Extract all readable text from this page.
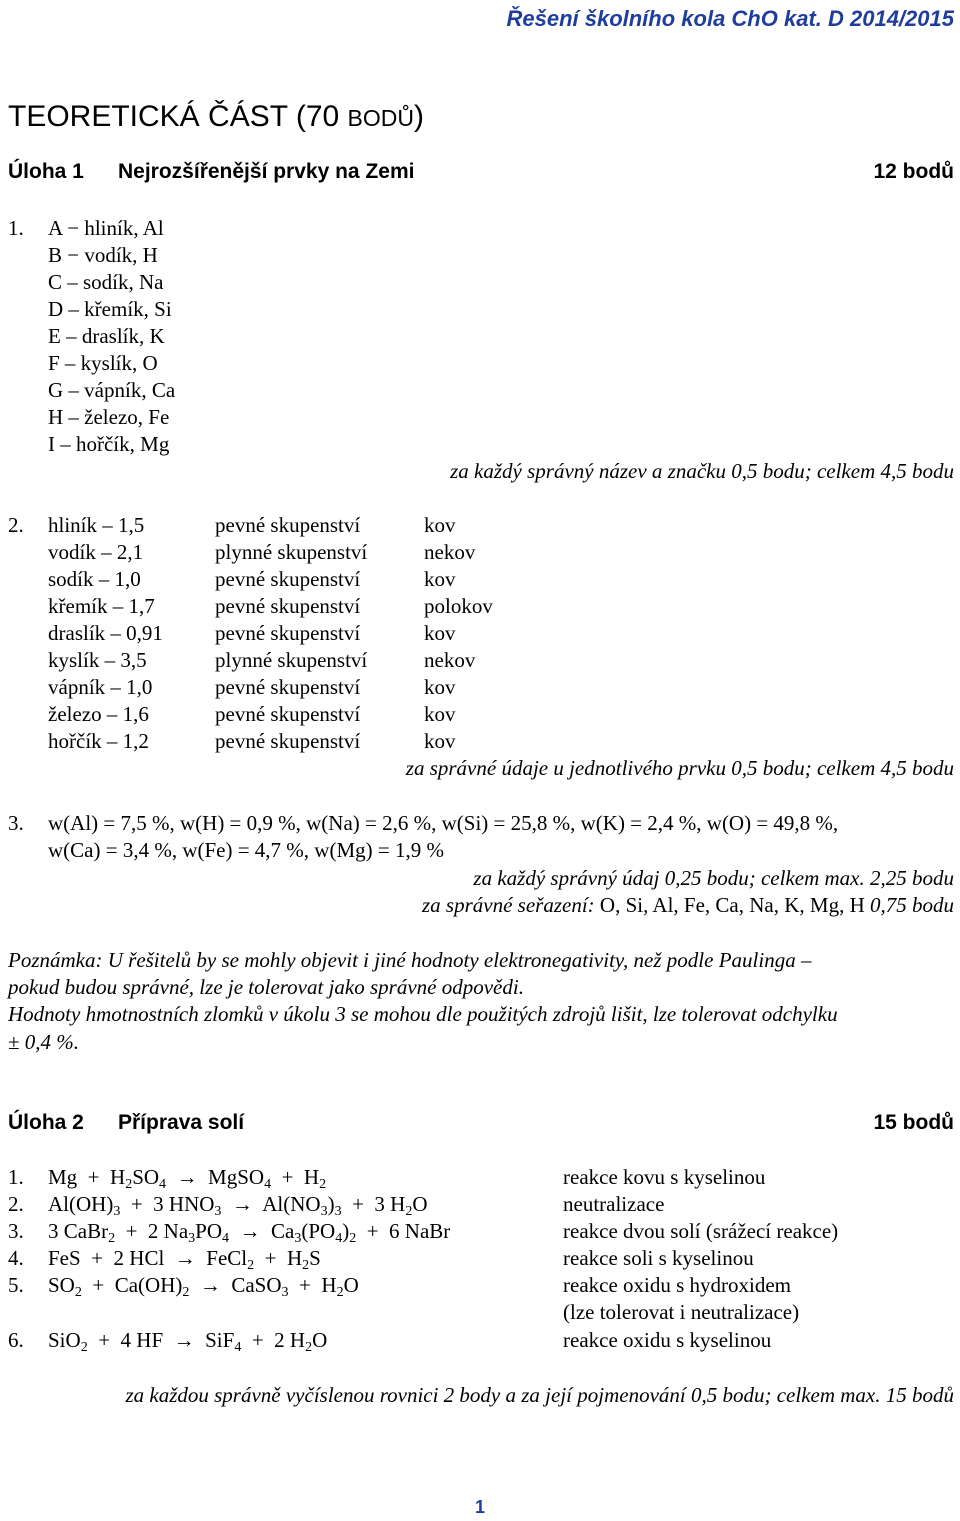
Řešení školního kola ChO kat. D 2014/2015
TEORETICKÁ ČÁST (70 BODŮ)
Úloha 1 Nejrozšířenější prvky na Zemi	12 bodů
1. A − hliník, Al
B − vodík, H
C – sodík, Na
D – křemík, Si
E – draslík, K
F – kyslík, O
G – vápník, Ca
H – železo, Fe
I – hořčík, Mg
za každý správný název a značku 0,5 bodu; celkem 4,5 bodu
2. hliník – 1,5	pevné skupenství	kov
vodík – 2,1	plynné skupenství	nekov
sodík – 1,0	pevné skupenství	kov
křemík – 1,7	pevné skupenství	polokov
draslík – 0,91 pevné skupenství	kov
kyslík – 3,5	plynné skupenství	nekov
vápník – 1,0	pevné skupenství	kov
železo – 1,6	pevné skupenství	kov
hořčík – 1,2	pevné skupenství	kov
za správné údaje u jednotlivého prvku 0,5 bodu; celkem 4,5 bodu
3. w(Al) = 7,5 %, w(H) = 0,9 %, w(Na) = 2,6 %, w(Si) = 25,8 %, w(K) = 2,4 %, w(O) = 49,8 %,
w(Ca) = 3,4 %, w(Fe) = 4,7 %, w(Mg) = 1,9 %
za každý správný údaj 0,25 bodu; celkem max. 2,25 bodu
za správné seřazení: O, Si, Al, Fe, Ca, Na, K, Mg, H 0,75 bodu
Poznámka: U řešitelů by se mohly objevit i jiné hodnoty elektronegativity, než podle Paulinga –
pokud budou správné, lze je tolerovat jako správné odpovědi.
Hodnoty hmotnostních zlomků v úkolu 3 se mohou dle použitých zdrojů lišit, lze tolerovat odchylku
± 0,4 %.
Úloha 2 Příprava solí	15 bodů
1. $Mg + H_2SO_4$  →  MgSO$_4$  +  $H_2$	reakce kovu s kyselinou
2. $Al(OH)_3 + 3$ $HNO_3 \to Al(NO_3)_3 + 3$ $H_2O$	neutralizace
3. 3 CaBr$_2$  +  2 $Na_3PO_4 \to Ca_3(PO_4)_2 + 6$ NaBr	reakce dvou solí (srážecí reakce)
4. FeS  +  2 HCl  →  FeCl$_2$  +  $H_2S$	reakce soli s kyselinou
5. $SO_2 + Ca(OH)_2$  →  CaSO$_3$  +  $H_2O$	reakce oxidu s hydroxidem
(lze tolerovat i neutralizace)
6. SiO$_2$  +  4 HF  →  SiF$_4$  +  2 $H_2O$	reakce oxidu s kyselinou
za každou správně vyčíslenou rovnici 2 body a za její pojmenování 0,5 bodu; celkem max. 15 bodů
1
